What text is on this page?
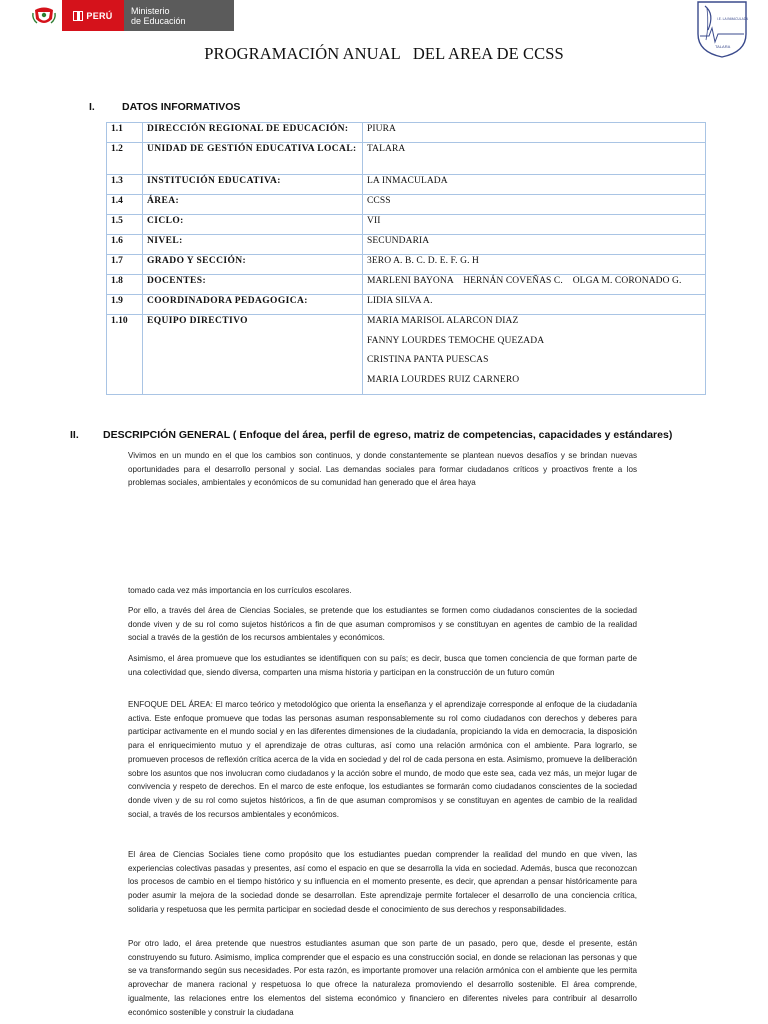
PERÚ Ministerio
de Educación	I.E. LA INMACULADA
TALARA
PROGRAMACIÓN ANUAL   DEL AREA DE CCSS
I.	DATOS INFORMATIVOS
1.1	DIRECCIÓN REGIONAL DE EDUCACIÓN:	PIURA
1.2	UNIDAD DE GESTIÓN EDUCATIVA LOCAL:	TALARA
1.3	INSTITUCIÓN EDUCATIVA:	LA INMACULADA
1.4	ÁREA:	CCSS
1.5	CICLO:	VII
1.6	NIVEL:	SECUNDARIA
1.7	GRADO Y SECCIÓN:	3ERO A. B. C. D. E. F. G. H
1.8	DOCENTES:	MARLENI BAYONA    HERNÁN COVEÑAS C.    OLGA M. CORONADO G.
1.9	COORDINADORA PEDAGOGICA:	LIDIA SILVA A.
1.10	EQUIPO DIRECTIVO	MARIA MARISOL ALARCON DIAZ
FANNY LOURDES TEMOCHE QUEZADA
CRISTINA PANTA PUESCAS
MARIA LOURDES RUIZ CARNERO
II. DESCRIPCIÓN GENERAL ( Enfoque del área, perfil de egreso, matriz de competencias, capacidades y estándares)
Vivimos en un mundo en el que los cambios son continuos, y donde constantemente se plantean nuevos desafíos y se brindan nuevas oportunidades para el desarrollo personal y social. Las demandas sociales para formar ciudadanos críticos y proactivos frente a los problemas sociales, ambientales y económicos de su comunidad han generado que el área haya
tomado cada vez más importancia en los currículos escolares.
Por ello, a través del área de Ciencias Sociales, se pretende que los estudiantes se formen como ciudadanos conscientes de la sociedad donde viven y de su rol como sujetos históricos a fin de que asuman compromisos y se constituyan en agentes de cambio de la realidad social a través de la gestión de los recursos ambientales y económicos.
Asimismo, el área promueve que los estudiantes se identifiquen con su país; es decir, busca que tomen conciencia de que forman parte de una colectividad que, siendo diversa, comparten una misma historia y participan en la construcción de un futuro común
ENFOQUE DEL ÁREA: El marco teórico y metodológico que orienta la enseñanza y el aprendizaje corresponde al enfoque de la ciudadanía activa. Este enfoque promueve que todas las personas asuman responsablemente su rol como ciudadanos con derechos y deberes para participar activamente en el mundo social y en las diferentes dimensiones de la ciudadanía, propiciando la vida en democracia, la disposición para el enriquecimiento mutuo y el aprendizaje de otras culturas, así como una relación armónica con el ambiente. Para lograrlo, se promueven procesos de reflexión crítica acerca de la vida en sociedad y del rol de cada persona en esta. Asimismo, promueve la deliberación sobre los asuntos que nos involucran como ciudadanos y la acción sobre el mundo, de modo que este sea, cada vez más, un mejor lugar de convivencia y respeto de derechos. En el marco de este enfoque, los estudiantes se formarán como ciudadanos conscientes de la sociedad donde viven y de su rol como sujetos históricos, a fin de que asuman compromisos y se constituyan en agentes de cambio de la realidad social, a través de los recursos ambientales y económicos.
El área de Ciencias Sociales tiene como propósito que los estudiantes puedan comprender la realidad del mundo en que viven, las experiencias colectivas pasadas y presentes, así como el espacio en que se desarrolla la vida en sociedad. Además, busca que reconozcan los procesos de cambio en el tiempo histórico y su influencia en el momento presente, es decir, que aprendan a pensar históricamente para poder asumir la mejora de la sociedad donde se desarrollan. Este aprendizaje permite fortalecer el desarrollo de una conciencia crítica, solidaria y respetuosa que les permita participar en sociedad desde el conocimiento de sus derechos y responsabilidades.
Por otro lado, el área pretende que nuestros estudiantes asuman que son parte de un pasado, pero que, desde el presente, están construyendo su futuro. Asimismo, implica comprender que el espacio es una construcción social, en donde se relacionan las personas y que se va transformando según sus necesidades. Por esta razón, es importante promover una relación armónica con el ambiente que les permita aprovechar de manera racional y respetuosa lo que ofrece la naturaleza promoviendo el desarrollo sostenible. El área comprende, igualmente, las relaciones entre los elementos del sistema económico y financiero en diferentes niveles para contribuir al desarrollo económico sostenible y construir la ciudadana
